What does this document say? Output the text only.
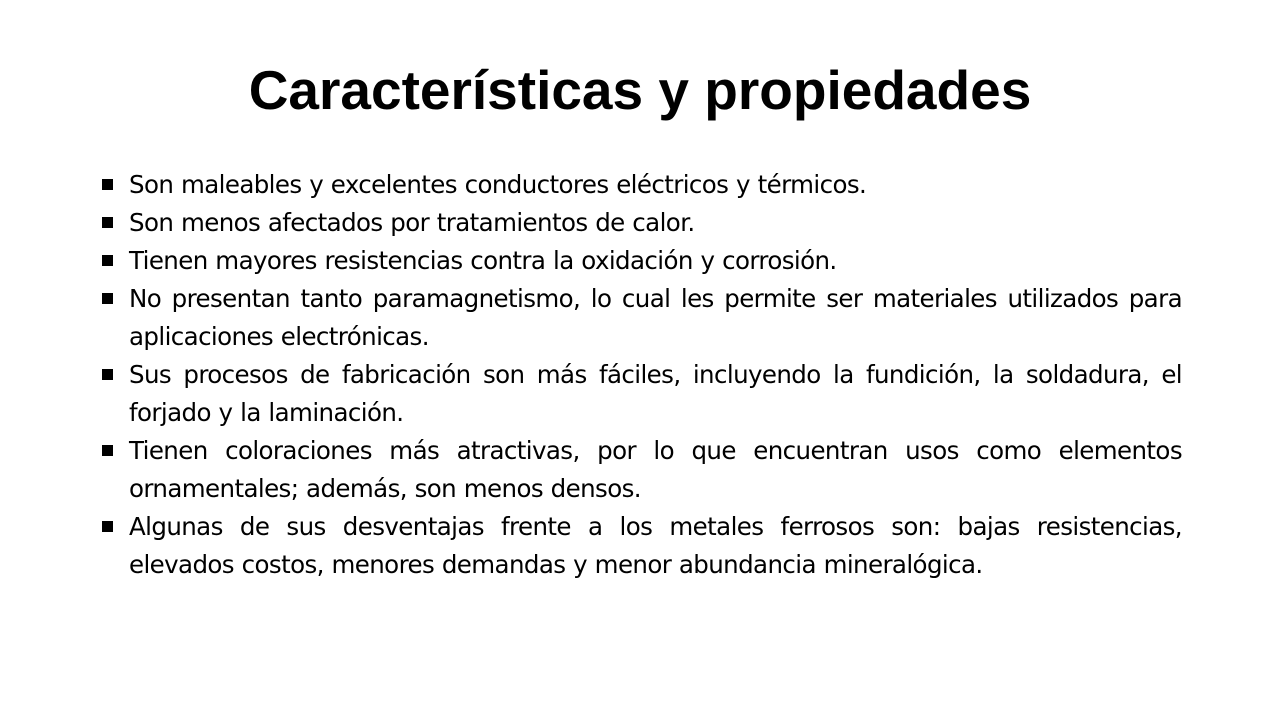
Características y propiedades
Son maleables y excelentes conductores eléctricos y térmicos.
Son menos afectados por tratamientos de calor.
Tienen mayores resistencias contra la oxidación y corrosión.
No presentan tanto paramagnetismo, lo cual les permite ser materiales utilizados para aplicaciones electrónicas.
Sus procesos de fabricación son más fáciles, incluyendo la fundición, la soldadura, el forjado y la laminación.
Tienen coloraciones más atractivas, por lo que encuentran usos como elementos ornamentales; además, son menos densos.
Algunas de sus desventajas frente a los metales ferrosos son: bajas resistencias, elevados costos, menores demandas y menor abundancia mineralógica.
